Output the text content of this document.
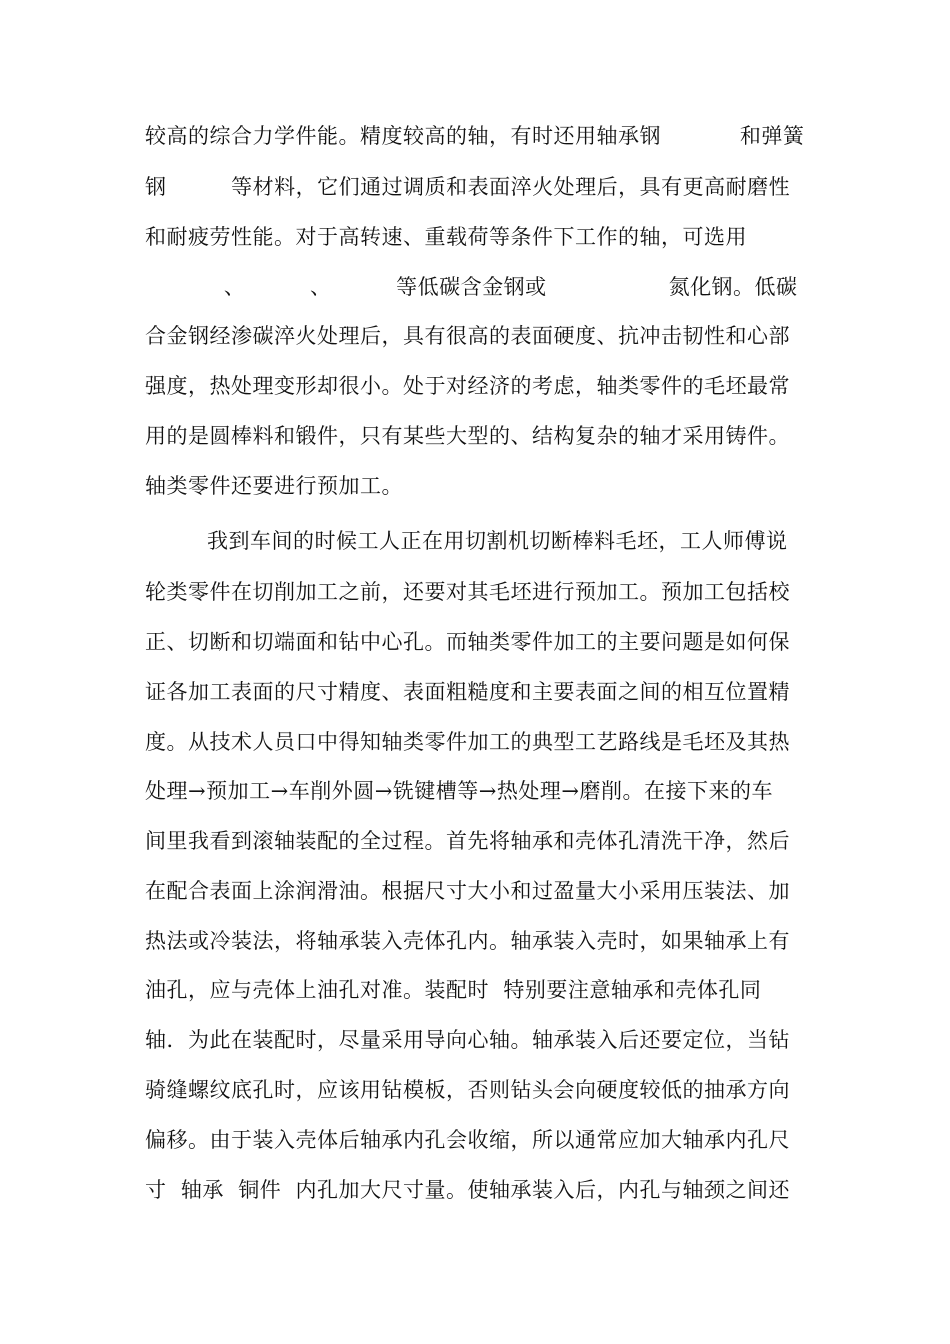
较高的综合力学件能。精度较高的轴，有时还用轴承钢           和弹簧
钢         等材料，它们通过调质和表面淬火处理后，具有更高耐磨性
和耐疲劳性能。对于高转速、重载荷等条件下工作的轴，可选用
、         、         等低碳含金钢或                 氮化钢。低碳
合金钢经渗碳淬火处理后，具有很高的表面硬度、抗冲击韧性和心部
强度，热处理变形却很小。处于对经济的考虑，轴类零件的毛坯最常
用的是圆棒料和锻件，只有某些大型的、结构复杂的轴才采用铸件。
轴类零件还要进行预加工。
我到车间的时候工人正在用切割机切断棒料毛坯，工人师傅说
轮类零件在切削加工之前，还要对其毛坯进行预加工。预加工包括校
正、切断和切端面和钻中心孔。而轴类零件加工的主要问题是如何保
证各加工表面的尺寸精度、表面粗糙度和主要表面之间的相互位置精
度。从技术人员口中得知轴类零件加工的典型工艺路线是毛坯及其热
处理→预加工→车削外圆→铣键槽等→热处理→磨削。在接下来的车
间里我看到滚轴装配的全过程。首先将轴承和壳体孔清洗干净，然后
在配合表面上涂润滑油。根据尺寸大小和过盈量大小采用压装法、加
热法或冷装法，将轴承装入壳体孔内。轴承装入壳时，如果轴承上有
油孔，应与壳体上油孔对准。装配时  特别要注意轴承和壳体孔同
轴．为此在装配时，尽量采用导向心轴。轴承装入后还要定位，当钻
骑缝螺纹底孔时，应该用钻模板，否则钻头会向硬度较低的抽承方向
偏移。由于装入壳体后轴承内孔会收缩，所以通常应加大轴承内孔尺
寸  轴承  铜件  内孔加大尺寸量。使轴承装入后，内孔与轴颈之间还
